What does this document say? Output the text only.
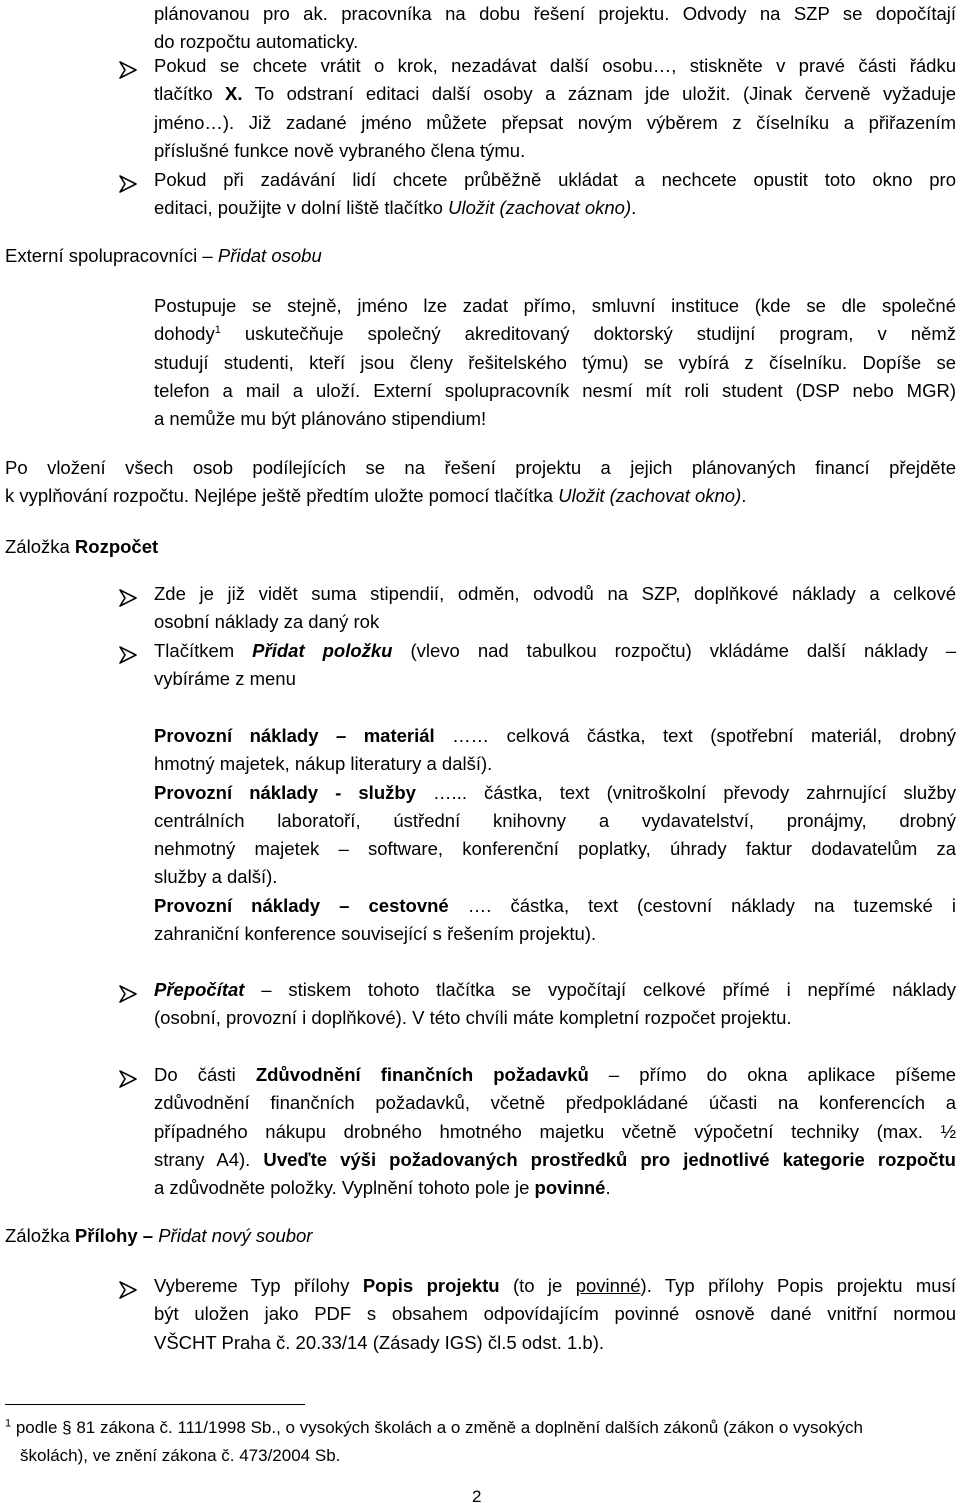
plánovanou pro ak. pracovníka na dobu řešení projektu. Odvody na SZP se dopočítají
do rozpočtu automaticky.
Pokud se chcete vrátit o krok, nezadávat další osobu…, stiskněte v pravé části řádku
tlačítko X. To odstraní editaci další osoby a záznam jde uložit. (Jinak červeně vyžaduje
jméno…). Již zadané jméno můžete přepsat novým výběrem z číselníku a přiřazením
příslušné funkce nově vybraného člena týmu.
Pokud při zadávání lidí chcete průběžně ukládat a nechcete opustit toto okno pro
editaci, použijte v dolní liště tlačítko Uložit (zachovat okno).
Externí spolupracovníci – Přidat osobu
Postupuje se stejně, jméno lze zadat přímo, smluvní instituce (kde se dle společné
dohody$^1$ uskutečňuje společný akreditovaný doktorský studijní program, v němž
studují studenti, kteří jsou členy řešitelského týmu) se vybírá z číselníku. Dopíše se
telefon a mail a uloží. Externí spolupracovník nesmí mít roli student (DSP nebo MGR)
a nemůže mu být plánováno stipendium!
Po vložení všech osob podílejících se na řešení projektu a jejich plánovaných financí přejděte
k vyplňování rozpočtu. Nejlépe ještě předtím uložte pomocí tlačítka Uložit (zachovat okno).
Záložka Rozpočet
Zde je již vidět suma stipendií, odměn, odvodů na SZP, doplňkové náklady a celkové
osobní náklady za daný rok
Tlačítkem Přidat položku (vlevo nad tabulkou rozpočtu) vkládáme další náklady –
vybíráme z menu
Provozní náklady – materiál …… celková částka, text (spotřební materiál, drobný
hmotný majetek, nákup literatury a další).
Provozní náklady - služby …... částka, text (vnitroškolní převody zahrnující služby
centrálních laboratoří, ústřední knihovny a vydavatelství, pronájmy, drobný
nehmotný majetek – software, konferenční poplatky, úhrady faktur dodavatelům za
služby a další).
Provozní náklady – cestovné …. částka, text (cestovní náklady na tuzemské i
zahraniční konference související s řešením projektu).
Přepočítat – stiskem tohoto tlačítka se vypočítají celkové přímé i nepřímé náklady
(osobní, provozní i doplňkové). V této chvíli máte kompletní rozpočet projektu.
Do části Zdůvodnění finančních požadavků – přímo do okna aplikace píšeme
zdůvodnění finančních požadavků, včetně předpokládané účasti na konferencích a
případného nákupu drobného hmotného majetku včetně výpočetní techniky (max. ½
strany A4). Uveďte výši požadovaných prostředků pro jednotlivé kategorie rozpočtu
a zdůvodněte položky. Vyplnění tohoto pole je povinné.
Záložka Přílohy – Přidat nový soubor
Vybereme Typ přílohy Popis projektu (to je povinné). Typ přílohy Popis projektu musí
být uložen jako PDF s obsahem odpovídajícím povinné osnově dané vnitřní normou
VŠCHT Praha č. 20.33/14 (Zásady IGS) čl.5 odst. 1.b).
$^1$ podle § 81 zákona č. 111/1998 Sb., o vysokých školách a o změně a doplnění dalších zákonů (zákon o vysokých
školách), ve znění zákona č. 473/2004 Sb.
2
